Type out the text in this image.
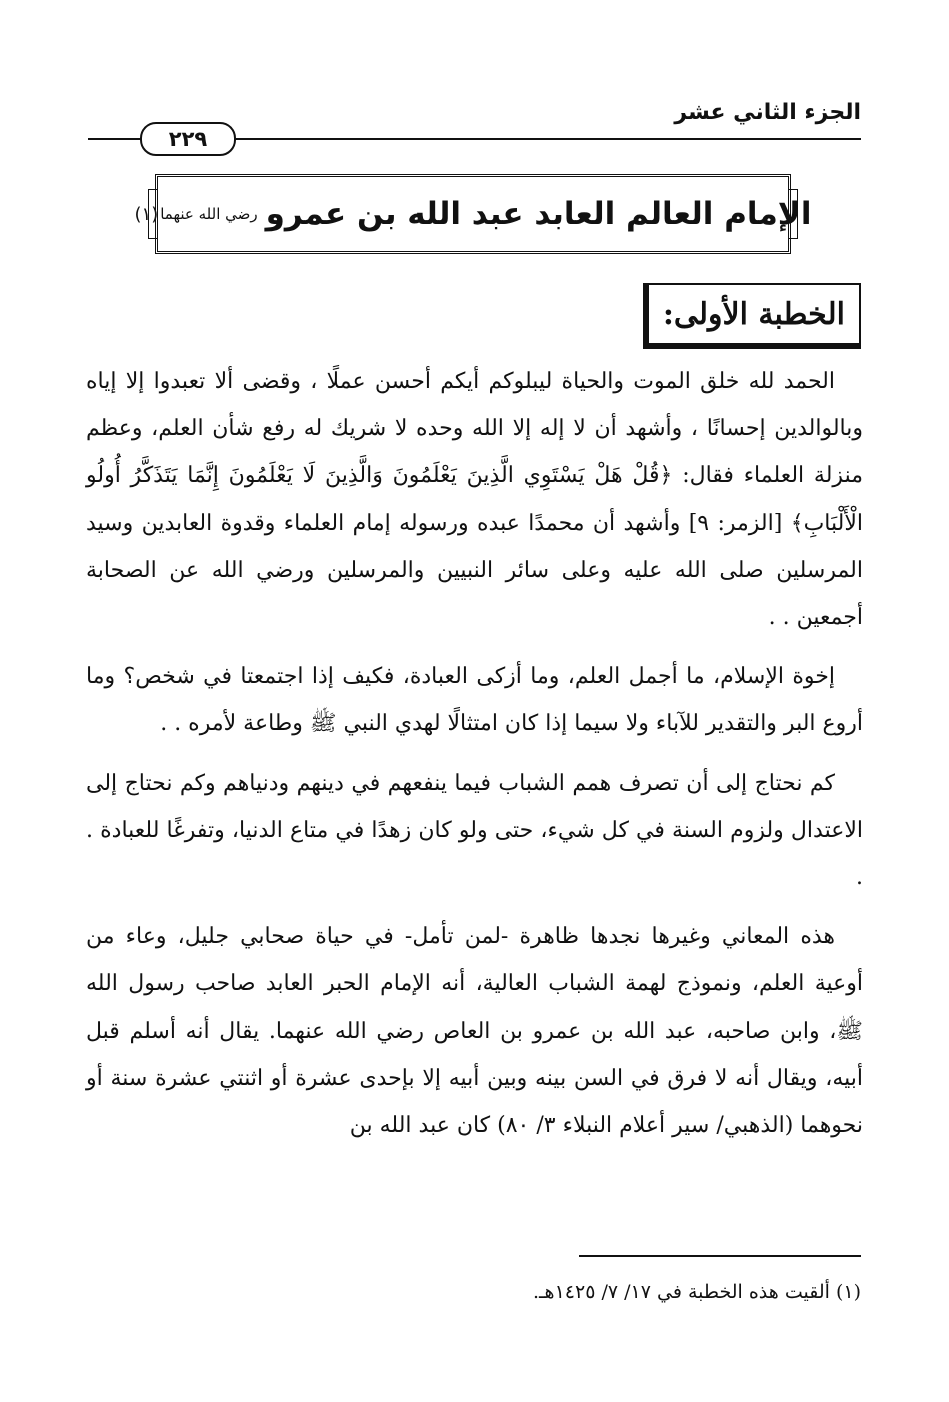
الجزء الثاني عشر
٢٢٩
الإمام العالم العابد عبد الله بن عمرو
رضي الله عنهما
(١)
الخطبة الأولى:

الحمد لله خلق الموت والحياة ليبلوكم أيكم أحسن عملًا ، وقضى ألا تعبدوا إلا إياه وبالوالدين إحسانًا ، وأشهد أن لا إله إلا الله وحده لا شريك له رفع شأن العلم، وعظم منزلة العلماء فقال: ﴿قُلْ هَلْ يَسْتَوِي الَّذِينَ يَعْلَمُونَ وَالَّذِينَ لَا يَعْلَمُونَ إِنَّمَا يَتَذَكَّرُ أُولُو الْأَلْبَابِ﴾ [الزمر: ٩] وأشهد أن محمدًا عبده ورسوله إمام العلماء وقدوة العابدين وسيد المرسلين صلى الله عليه وعلى سائر النبيين والمرسلين ورضي الله عن الصحابة أجمعين . .

إخوة الإسلام، ما أجمل العلم، وما أزكى العبادة، فكيف إذا اجتمعتا في شخص؟ وما أروع البر والتقدير للآباء ولا سيما إذا كان امتثالًا لهدي النبي ﷺ وطاعة لأمره . .

كم نحتاج إلى أن تصرف همم الشباب فيما ينفعهم في دينهم ودنياهم وكم نحتاج إلى الاعتدال ولزوم السنة في كل شيء، حتى ولو كان زهدًا في متاع الدنيا، وتفرغًا للعبادة . .

هذه المعاني وغيرها نجدها ظاهرة -لمن تأمل- في حياة صحابي جليل، وعاء من أوعية العلم، ونموذج لهمة الشباب العالية، أنه الإمام الحبر العابد صاحب رسول الله ﷺ، وابن صاحبه، عبد الله بن عمرو بن العاص رضي الله عنهما. يقال أنه أسلم قبل أبيه، ويقال أنه لا فرق في السن بينه وبين أبيه إلا بإحدى عشرة أو اثنتي عشرة سنة أو نحوهما (الذهبي/ سير أعلام النبلاء ٣/ ٨٠) كان عبد الله بن

(١) ألقيت هذه الخطبة في ١٧/ ٧/ ١٤٢٥هـ.
